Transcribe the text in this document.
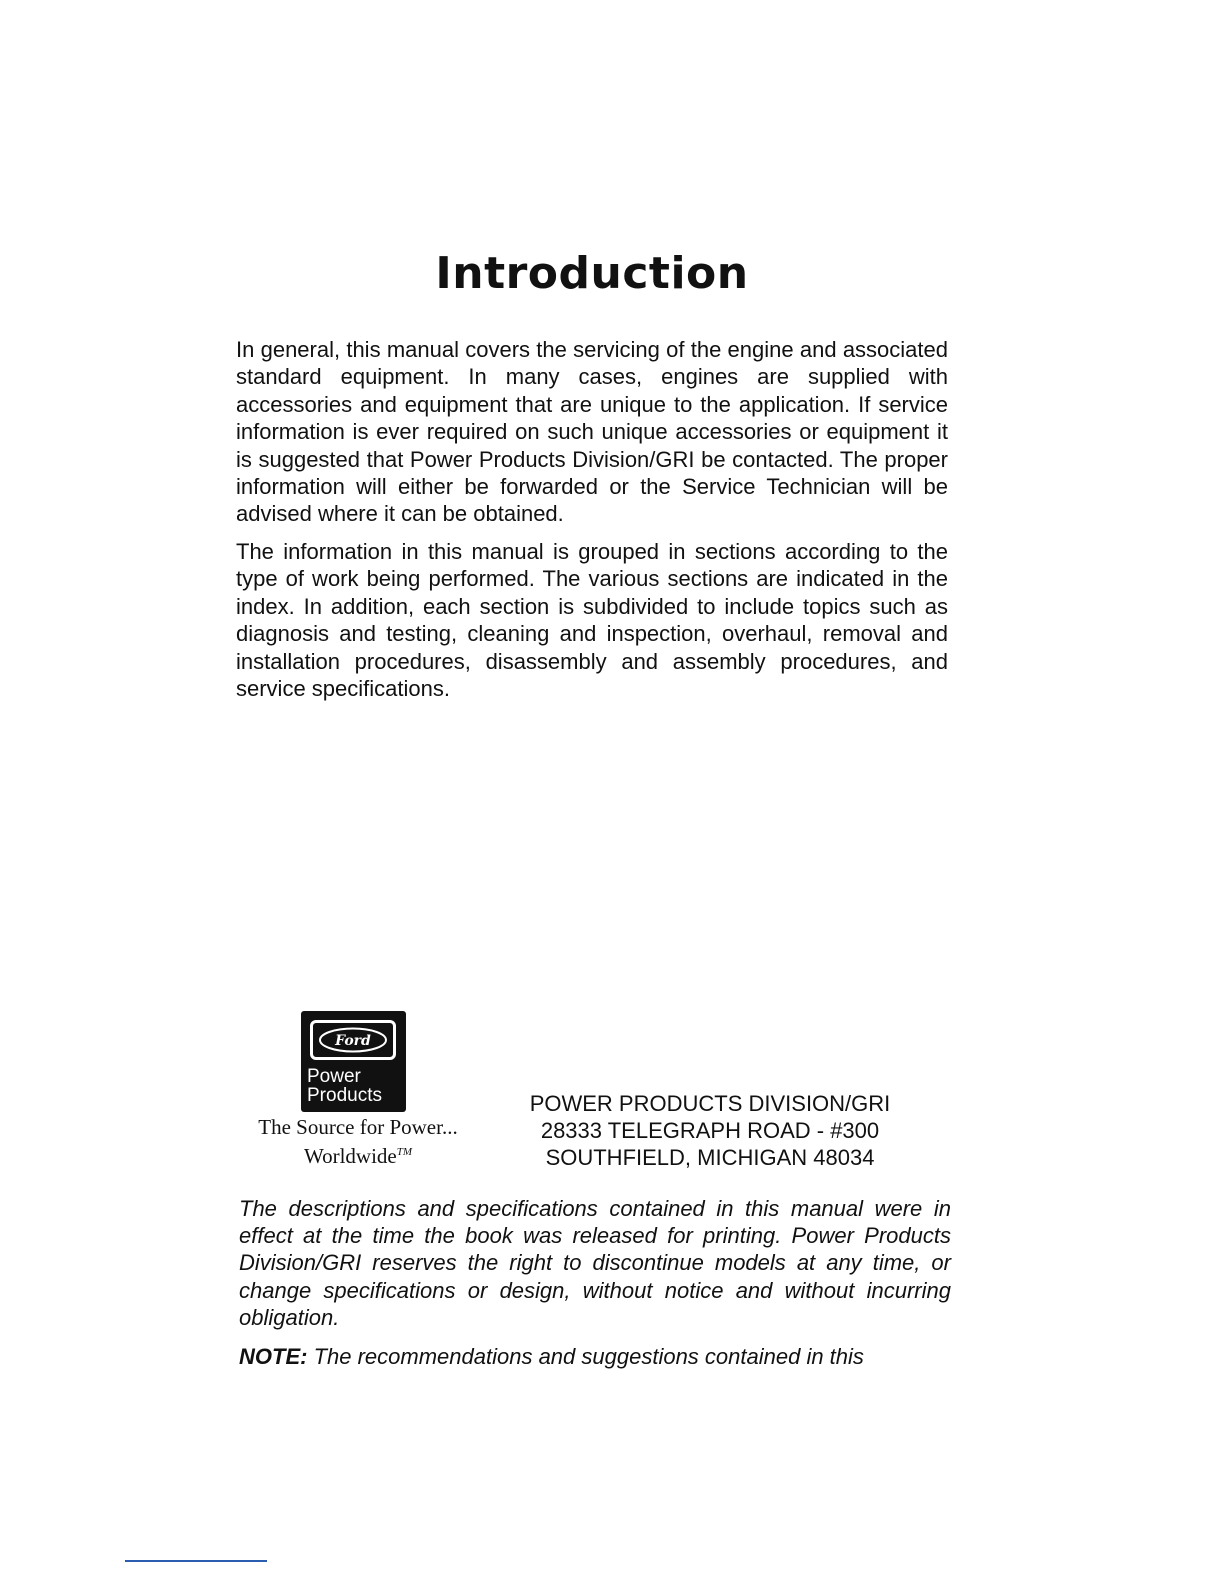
Introduction

In general, this manual covers the servicing of the engine and associated standard equipment. In many cases, engines are supplied with accessories and equipment that are unique to the application. If service information is ever required on such unique accessories or equipment it is suggested that Power Products Division/GRI be contacted. The proper information will either be forwarded or the Service Technician will be advised where it can be obtained.

The information in this manual is grouped in sections according to the type of work being performed. The various sections are indicated in the index. In addition, each section is subdivided to include topics such as diagnosis and testing, cleaning and inspection, overhaul, removal and installation procedures, disassembly and assembly procedures, and service specifications.

Ford
Power
Products
The Source for Power...
Worldwide™
POWER PRODUCTS DIVISION/GRI
28333 TELEGRAPH ROAD - #300
SOUTHFIELD, MICHIGAN 48034

The descriptions and specifications contained in this manual were in effect at the time the book was released for printing. Power Products Division/GRI reserves the right to discontinue models at any time, or change specifications or design, without notice and without incurring obligation.

NOTE: The recommendations and suggestions contained in this
